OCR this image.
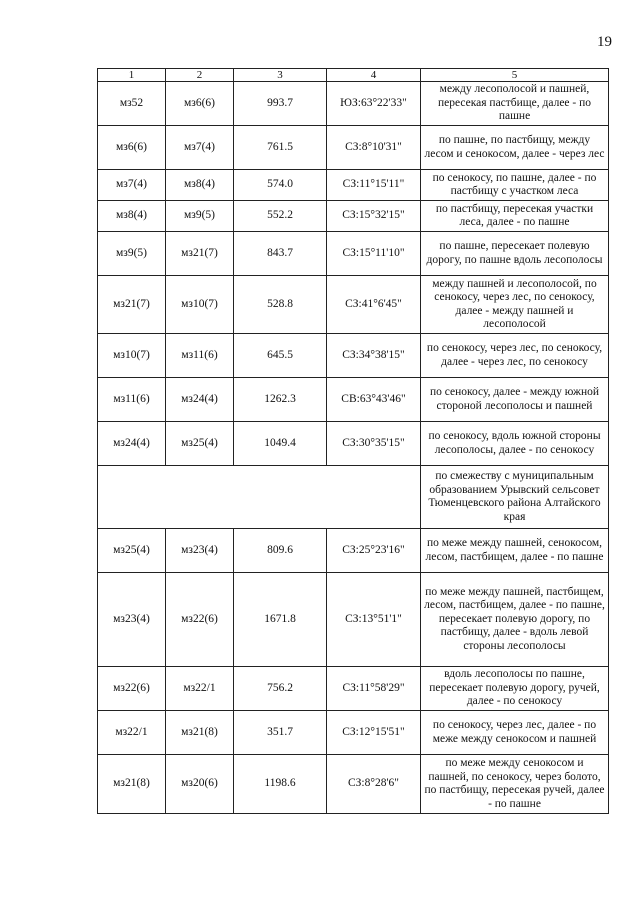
19
1	2	3	4	5
мз52	мз6(6)	993.7	ЮЗ:63°22'33"	между лесополосой и пашней, пересекая пастбище, далее - по пашне
мз6(6)	мз7(4)	761.5	СЗ:8°10'31"	по пашне, по пастбищу, между лесом и сенокосом, далее - через лес
мз7(4)	мз8(4)	574.0	СЗ:11°15'11"	по сенокосу, по пашне, далее - по пастбищу с участком леса
мз8(4)	мз9(5)	552.2	СЗ:15°32'15"	по пастбищу, пересекая участки леса, далее - по пашне
мз9(5)	мз21(7)	843.7	СЗ:15°11'10"	по пашне, пересекает полевую дорогу, по пашне вдоль лесополосы
мз21(7)	мз10(7)	528.8	СЗ:41°6'45"	между пашней и лесополосой, по сенокосу, через лес, по сенокосу, далее - между пашней и лесополосой
мз10(7)	мз11(6)	645.5	СЗ:34°38'15"	по сенокосу, через лес, по сенокосу, далее - через лес, по сенокосу
мз11(6)	мз24(4)	1262.3	СВ:63°43'46"	по сенокосу, далее - между южной стороной лесополосы и пашней
мз24(4)	мз25(4)	1049.4	СЗ:30°35'15"	по сенокосу, вдоль южной стороны лесополосы, далее - по сенокосу
				по смежеству с муниципальным образованием Урывский сельсовет Тюменцевского района Алтайского края
мз25(4)	мз23(4)	809.6	СЗ:25°23'16"	по меже между пашней, сенокосом, лесом, пастбищем, далее - по пашне
мз23(4)	мз22(6)	1671.8	СЗ:13°51'1"	по меже между пашней, пастбищем, лесом, пастбищем, далее - по пашне, пересекает полевую дорогу, по пастбищу, далее - вдоль левой стороны лесополосы
мз22(6)	мз22/1	756.2	СЗ:11°58'29"	вдоль лесополосы по пашне, пересекает полевую дорогу, ручей, далее - по сенокосу
мз22/1	мз21(8)	351.7	СЗ:12°15'51"	по сенокосу, через лес, далее - по меже между сенокосом и пашней
мз21(8)	мз20(6)	1198.6	СЗ:8°28'6"	по меже между сенокосом и пашней, по сенокосу, через болото, по пастбищу, пересекая ручей, далее - по пашне
